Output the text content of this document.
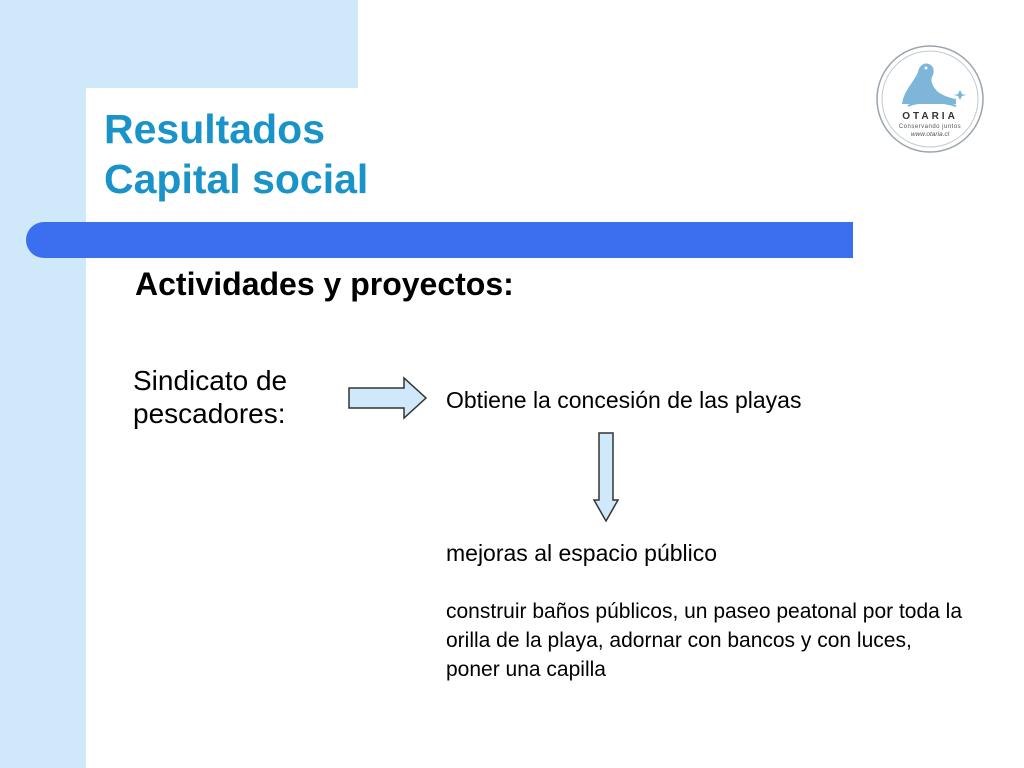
Resultados
Capital social
Actividades y proyectos:

Sindicato de pescadores:	Obtiene la concesión de las playas

mejoras al espacio público

construir baños públicos, un paseo peatonal por toda la orilla de la playa, adornar con bancos y con luces, poner una capilla

OTARIA
Conservando juntos
www.otaria.cl
